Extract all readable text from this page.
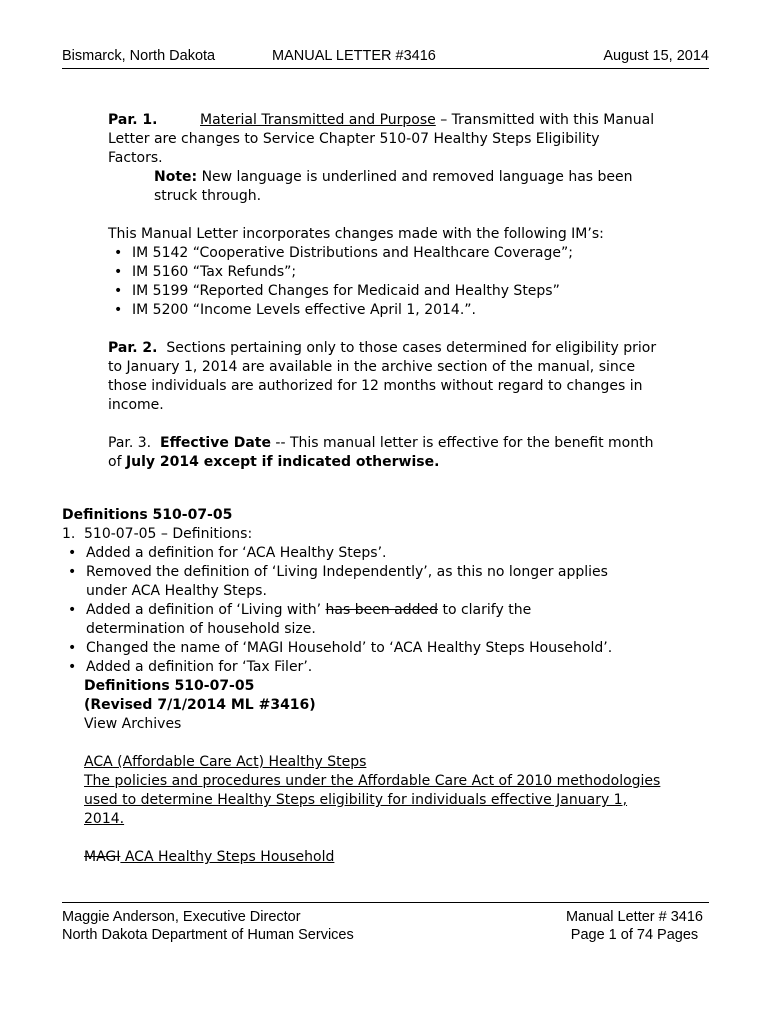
Bismarck, North Dakota	MANUAL LETTER #3416	August 15, 2014

Par. 1.	Material Transmitted and Purpose – Transmitted with this Manual

Letter are changes to Service Chapter 510-07 Healthy Steps Eligibility

Factors.

Note: New language is underlined and removed language has been

struck through.

This Manual Letter incorporates changes made with the following IM’s:

• IM 5142 “Cooperative Distributions and Healthcare Coverage”;
• IM 5160 “Tax Refunds”;
• IM 5199 “Reported Changes for Medicaid and Healthy Steps”
• IM 5200 “Income Levels effective April 1, 2014.”.

Par. 2.  Sections pertaining only to those cases determined for eligibility prior

to January 1, 2014 are available in the archive section of the manual, since

those individuals are authorized for 12 months without regard to changes in

income.

Par. 3.  Effective Date -- This manual letter is effective for the benefit month

of July 2014 except if indicated otherwise.

Definitions 510-07-05

1. 510-07-05 – Definitions:

• Added a definition for ‘ACA Healthy Steps’.
• Removed the definition of ‘Living Independently’, as this no longer applies
under ACA Healthy Steps.
• Added a definition of ‘Living with’ has been added to clarify the
determination of household size.
• Changed the name of ‘MAGI Household’ to ‘ACA Healthy Steps Household’.
• Added a definition for ‘Tax Filer’.

Definitions 510-07-05

(Revised 7/1/2014 ML #3416)

View Archives

ACA (Affordable Care Act) Healthy Steps

The policies and procedures under the Affordable Care Act of 2010 methodologies

used to determine Healthy Steps eligibility for individuals effective January 1,

2014.

MAGI ACA Healthy Steps Household

Maggie Anderson, Executive Director
North Dakota Department of Human Services
Manual Letter # 3416
Page 1 of 74 Pages
